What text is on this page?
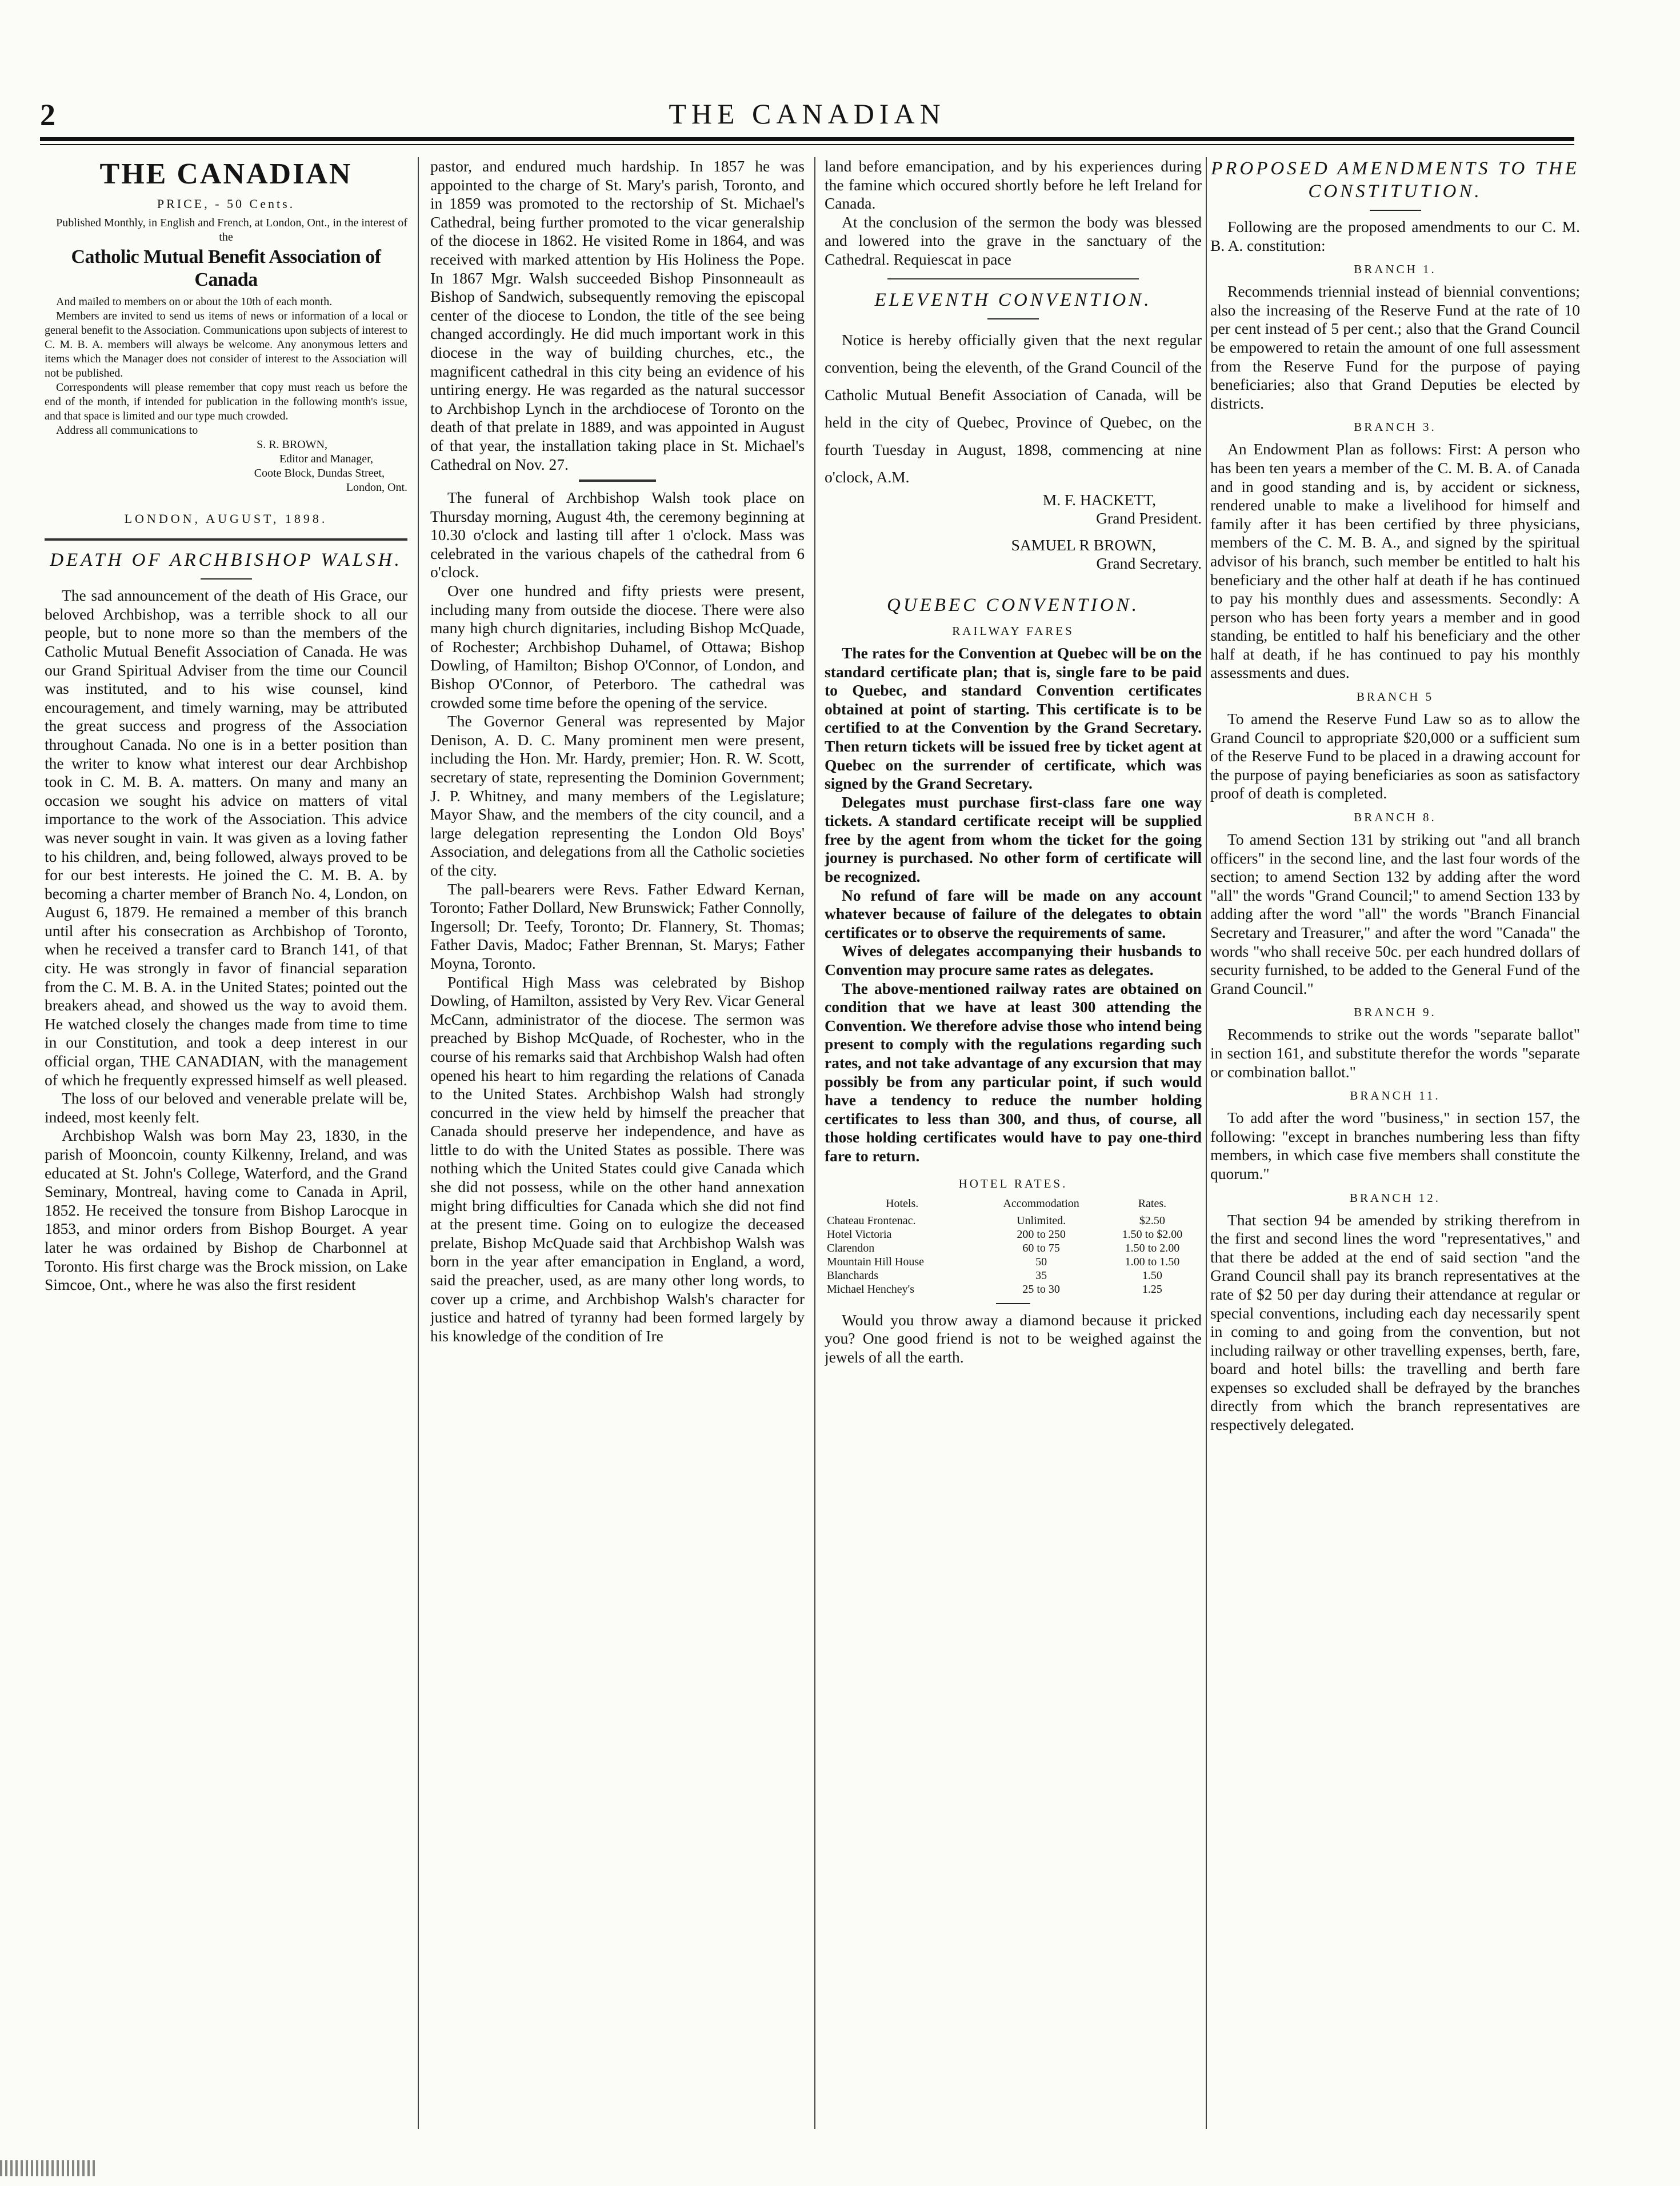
2	THE CANADIAN
THE CANADIAN
PRICE, - 50 Cents.
Published Monthly, in English and French, at London, Ont., in the interest of the
Catholic Mutual Benefit Association of Canada
And mailed to members on or about the 10th of each month.
Members are invited to send us items of news or information of a local or general benefit to the Association. Communications upon subjects of interest to C. M. B. A. members will always be welcome. Any anonymous letters and items which the Manager does not consider of interest to the Association will not be published.
Correspondents will please remember that copy must reach us before the end of the month, if intended for publication in the following month's issue, and that space is limited and our type much crowded.
Address all communications to
S. R. BROWN,
Editor and Manager,
Coote Block, Dundas Street,
London, Ont.
LONDON, AUGUST, 1898.
DEATH OF ARCHBISHOP WALSH.

The sad announcement of the death of His Grace, our beloved Archbishop, was a terrible shock to all our people, but to none more so than the members of the Catholic Mutual Benefit Association of Canada. He was our Grand Spiritual Adviser from the time our Council was instituted, and to his wise counsel, kind encouragement, and timely warning, may be attributed the great success and progress of the Association throughout Canada. No one is in a better position than the writer to know what interest our dear Archbishop took in C. M. B. A. matters. On many and many an occasion we sought his advice on matters of vital importance to the work of the Association. This advice was never sought in vain. It was given as a loving father to his children, and, being followed, always proved to be for our best interests. He joined the C. M. B. A. by becoming a charter member of Branch No. 4, London, on August 6, 1879. He remained a member of this branch until after his consecration as Archbishop of Toronto, when he received a transfer card to Branch 141, of that city. He was strongly in favor of financial separation from the C. M. B. A. in the United States; pointed out the breakers ahead, and showed us the way to avoid them. He watched closely the changes made from time to time in our Constitution, and took a deep interest in our official organ, THE CANADIAN, with the management of which he frequently expressed himself as well pleased.

The loss of our beloved and venerable prelate will be, indeed, most keenly felt.

Archbishop Walsh was born May 23, 1830, in the parish of Mooncoin, county Kilkenny, Ireland, and was educated at St. John's College, Waterford, and the Grand Seminary, Montreal, having come to Canada in April, 1852. He received the tonsure from Bishop Larocque in 1853, and minor orders from Bishop Bourget. A year later he was ordained by Bishop de Charbonnel at Toronto. His first charge was the Brock mission, on Lake Simcoe, Ont., where he was also the first resident

pastor, and endured much hardship. In 1857 he was appointed to the charge of St. Mary's parish, Toronto, and in 1859 was promoted to the rectorship of St. Michael's Cathedral, being further promoted to the vicar generalship of the diocese in 1862. He visited Rome in 1864, and was received with marked attention by His Holiness the Pope. In 1867 Mgr. Walsh succeeded Bishop Pinsonneault as Bishop of Sandwich, subsequently removing the episcopal center of the diocese to London, the title of the see being changed accordingly. He did much important work in this diocese in the way of building churches, etc., the magnificent cathedral in this city being an evidence of his untiring energy. He was regarded as the natural successor to Archbishop Lynch in the archdiocese of Toronto on the death of that prelate in 1889, and was appointed in August of that year, the installation taking place in St. Michael's Cathedral on Nov. 27.

The funeral of Archbishop Walsh took place on Thursday morning, August 4th, the ceremony beginning at 10.30 o'clock and lasting till after 1 o'clock. Mass was celebrated in the various chapels of the cathedral from 6 o'clock.

Over one hundred and fifty priests were present, including many from outside the diocese. There were also many high church dignitaries, including Bishop McQuade, of Rochester; Archbishop Duhamel, of Ottawa; Bishop Dowling, of Hamilton; Bishop O'Connor, of London, and Bishop O'Connor, of Peterboro. The cathedral was crowded some time before the opening of the service.

The Governor General was represented by Major Denison, A. D. C. Many prominent men were present, including the Hon. Mr. Hardy, premier; Hon. R. W. Scott, secretary of state, representing the Dominion Government; J. P. Whitney, and many members of the Legislature; Mayor Shaw, and the members of the city council, and a large delegation representing the London Old Boys' Association, and delegations from all the Catholic societies of the city.

The pall-bearers were Revs. Father Edward Kernan, Toronto; Father Dollard, New Brunswick; Father Connolly, Ingersoll; Dr. Teefy, Toronto; Dr. Flannery, St. Thomas; Father Davis, Madoc; Father Brennan, St. Marys; Father Moyna, Toronto.

Pontifical High Mass was celebrated by Bishop Dowling, of Hamilton, assisted by Very Rev. Vicar General McCann, administrator of the diocese. The sermon was preached by Bishop McQuade, of Rochester, who in the course of his remarks said that Archbishop Walsh had often opened his heart to him regarding the relations of Canada to the United States. Archbishop Walsh had strongly concurred in the view held by himself the preacher that Canada should preserve her independence, and have as little to do with the United States as possible. There was nothing which the United States could give Canada which she did not possess, while on the other hand annexation might bring difficulties for Canada which she did not find at the present time. Going on to eulogize the deceased prelate, Bishop McQuade said that Archbishop Walsh was born in the year after emancipation in England, a word, said the preacher, used, as are many other long words, to cover up a crime, and Archbishop Walsh's character for justice and hatred of tyranny had been formed largely by his knowledge of the condition of Ire

land before emancipation, and by his experiences during the famine which occured shortly before he left Ireland for Canada.

At the conclusion of the sermon the body was blessed and lowered into the grave in the sanctuary of the Cathedral. Requiescat in pace

ELEVENTH CONVENTION.

Notice is hereby officially given that the next regular convention, being the eleventh, of the Grand Council of the Catholic Mutual Benefit Association of Canada, will be held in the city of Quebec, Province of Quebec, on the fourth Tuesday in August, 1898, commencing at nine o'clock, A.M.

M. F. HACKETT,
Grand President.
SAMUEL R BROWN,
Grand Secretary.
QUEBEC CONVENTION.
RAILWAY FARES

The rates for the Convention at Quebec will be on the standard certificate plan; that is, single fare to be paid to Quebec, and standard Convention certificates obtained at point of starting. This certificate is to be certified to at the Convention by the Grand Secretary. Then return tickets will be issued free by ticket agent at Quebec on the surrender of certificate, which was signed by the Grand Secretary.

Delegates must purchase first-class fare one way tickets. A standard certificate receipt will be supplied free by the agent from whom the ticket for the going journey is purchased. No other form of certificate will be recognized.

No refund of fare will be made on any account whatever because of failure of the delegates to obtain certificates or to observe the requirements of same.

Wives of delegates accompanying their husbands to Convention may procure same rates as delegates.

The above-mentioned railway rates are obtained on condition that we have at least 300 attending the Convention. We therefore advise those who intend being present to comply with the regulations regarding such rates, and not take advantage of any excursion that may possibly be from any particular point, if such would have a tendency to reduce the number holding certificates to less than 300, and thus, of course, all those holding certificates would have to pay one-third fare to return.

HOTEL RATES.
Hotels.	Accommodation	Rates.
Chateau Frontenac.	Unlimited.	$2.50
Hotel Victoria	200 to 250	1.50 to $2.00
Clarendon	60 to 75	1.50 to 2.00
Mountain Hill House	50	1.00 to 1.50
Blanchards	35	1.50
Michael Henchey's	25 to 30	1.25

Would you throw away a diamond because it pricked you? One good friend is not to be weighed against the jewels of all the earth.

PROPOSED AMENDMENTS TO THE CONSTITUTION.

Following are the proposed amendments to our C. M. B. A. constitution:

BRANCH 1.

Recommends triennial instead of biennial conventions; also the increasing of the Reserve Fund at the rate of 10 per cent instead of 5 per cent.; also that the Grand Council be empowered to retain the amount of one full assessment from the Reserve Fund for the purpose of paying beneficiaries; also that Grand Deputies be elected by districts.

BRANCH 3.

An Endowment Plan as follows: First: A person who has been ten years a member of the C. M. B. A. of Canada and in good standing and is, by accident or sickness, rendered unable to make a livelihood for himself and family after it has been certified by three physicians, members of the C. M. B. A., and signed by the spiritual advisor of his branch, such member be entitled to halt his beneficiary and the other half at death if he has continued to pay his monthly dues and assessments. Secondly: A person who has been forty years a member and in good standing, be entitled to half his beneficiary and the other half at death, if he has continued to pay his monthly assessments and dues.

BRANCH 5

To amend the Reserve Fund Law so as to allow the Grand Council to appropriate $20,000 or a sufficient sum of the Reserve Fund to be placed in a drawing account for the purpose of paying beneficiaries as soon as satisfactory proof of death is completed.

BRANCH 8.

To amend Section 131 by striking out "and all branch officers" in the second line, and the last four words of the section; to amend Section 132 by adding after the word "all" the words "Grand Council;" to amend Section 133 by adding after the word "all" the words "Branch Financial Secretary and Treasurer," and after the word "Canada" the words "who shall receive 50c. per each hundred dollars of security furnished, to be added to the General Fund of the Grand Council."

BRANCH 9.

Recommends to strike out the words "separate ballot" in section 161, and substitute therefor the words "separate or combination ballot."

BRANCH 11.

To add after the word "business," in section 157, the following: "except in branches numbering less than fifty members, in which case five members shall constitute the quorum."

BRANCH 12.

That section 94 be amended by striking therefrom in the first and second lines the word "representatives," and that there be added at the end of said section "and the Grand Council shall pay its branch representatives at the rate of $2 50 per day during their attendance at regular or special conventions, including each day necessarily spent in coming to and going from the convention, but not including railway or other travelling expenses, berth, fare, board and hotel bills: the travelling and berth fare expenses so excluded shall be defrayed by the branches directly from which the branch representatives are respectively delegated.
